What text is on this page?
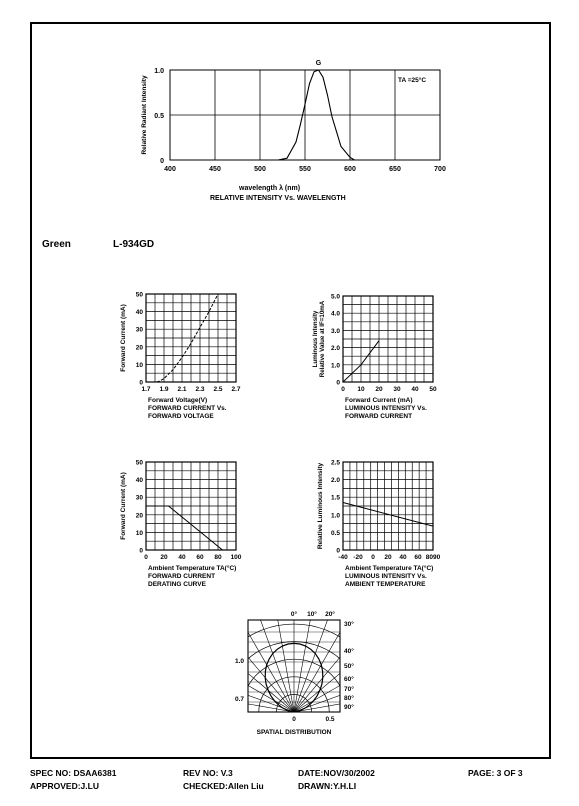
1.0
0.5
0
400	450	500	550	600	650	700
G
TA =25°C
Relative Radiant Intensity
wavelength λ (nm)
RELATIVE INTENSITY Vs. WAVELENGTH
Green	L-934GD
50
40
30
20
10
0
1.7 1.9 2.1 2.3 2.5 2.7
Forward Current (mA)
Forward Voltage(V)
FORWARD CURRENT Vs.
FORWARD VOLTAGE
5.0
4.0
3.0
2.0
1.0
0
0 10 20 30 40 50
Luminous Intensity Relative Value at IF=10mA
Forward Current (mA)
LUMINOUS INTENSITY Vs.
FORWARD CURRENT
50
40
30
20
10
0
0 20 40 60 80 100
Forward Current (mA)
Ambient Temperature TA(°C)
FORWARD CURRENT
DERATING CURVE
2.5
2.0
1.5
1.0
0.5
0
-40 -20 0 20 40 60 8090
Relative Luminous Intensity
Ambient Temperature TA(°C)
LUMINOUS INTENSITY Vs.
AMBIENT TEMPERATURE
0° 10° 20°
30°
40°
50°
60°
70°
80°
90°
1.0
0.7
0	0.5
SPATIAL DISTRIBUTION
SPEC NO: DSAA6381	REV NO: V.3	DATE:NOV/30/2002	PAGE: 3 OF 3
APPROVED:J.LU	CHECKED:Allen Liu	DRAWN:Y.H.LI
